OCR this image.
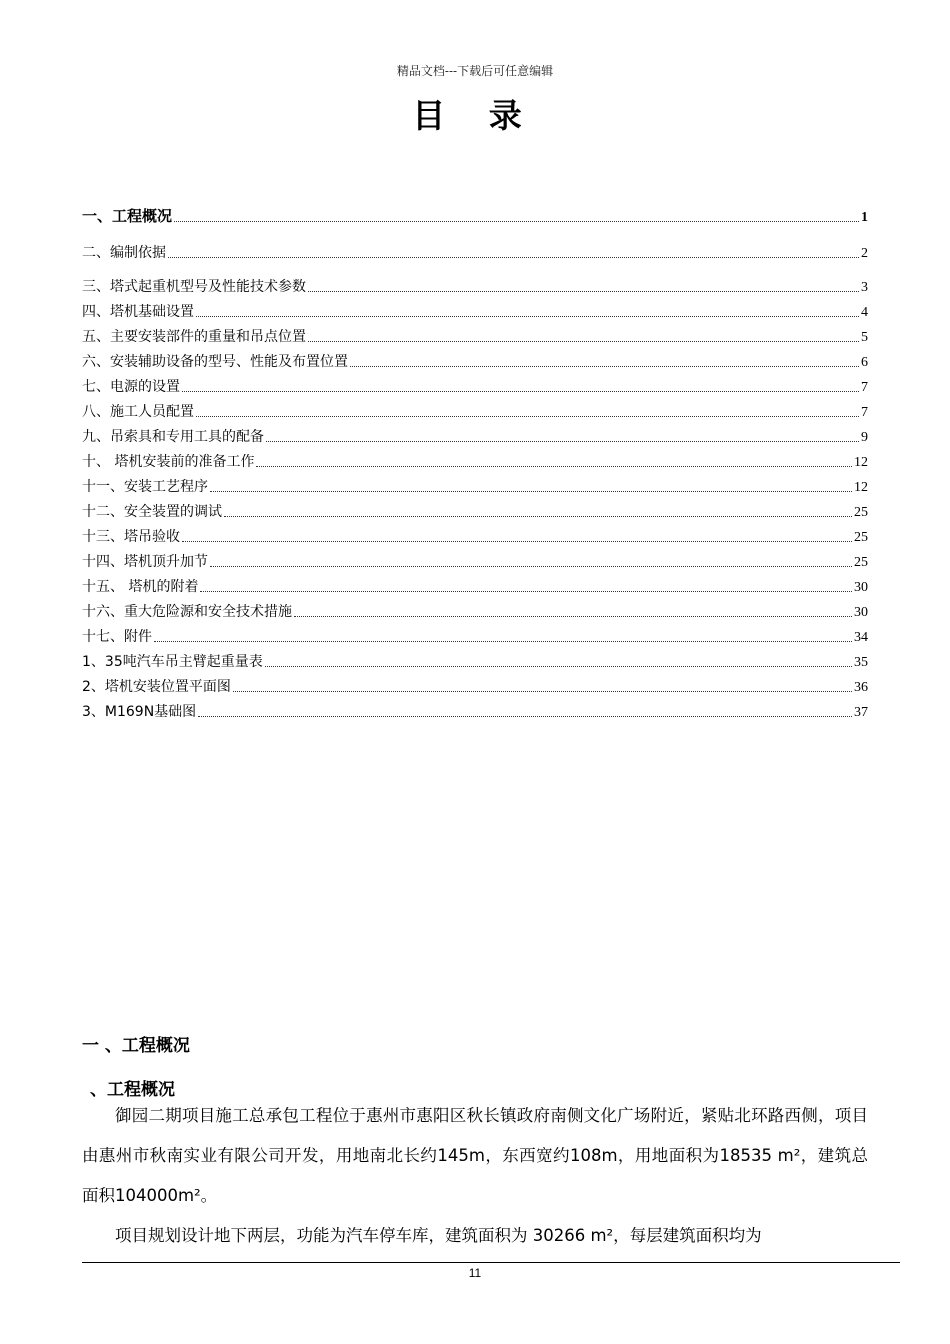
精品文档---下载后可任意编辑
目 录
一、工程概况	1
二、编制依据	2
三、塔式起重机型号及性能技术参数	3
四、塔机基础设置	4
五、主要安装部件的重量和吊点位置	5
六、安装辅助设备的型号、性能及布置位置	6
七、电源的设置	7
八、施工人员配置	7
九、吊索具和专用工具的配备	9
十、 塔机安装前的准备工作	12
十一、安装工艺程序	12
十二、安全装置的调试	25
十三、塔吊验收	25
十四、塔机顶升加节	25
十五、 塔机的附着	30
十六、重大危险源和安全技术措施	30
十七、附件	34
1、35吨汽车吊主臂起重量表	35
2、塔机安装位置平面图	36
3、M169N基础图	37
一 、工程概况
、工程概况
御园二期项目施工总承包工程位于惠州市惠阳区秋长镇政府南侧文化广场附近，紧贴北环路西侧，项目由惠州市秋南实业有限公司开发，用地南北长约145m，东西宽约108m，用地面积为18535 m²，建筑总面积104000m²。
项目规划设计地下两层，功能为汽车停车库，建筑面积为 30266 m²，每层建筑面积均为
11
